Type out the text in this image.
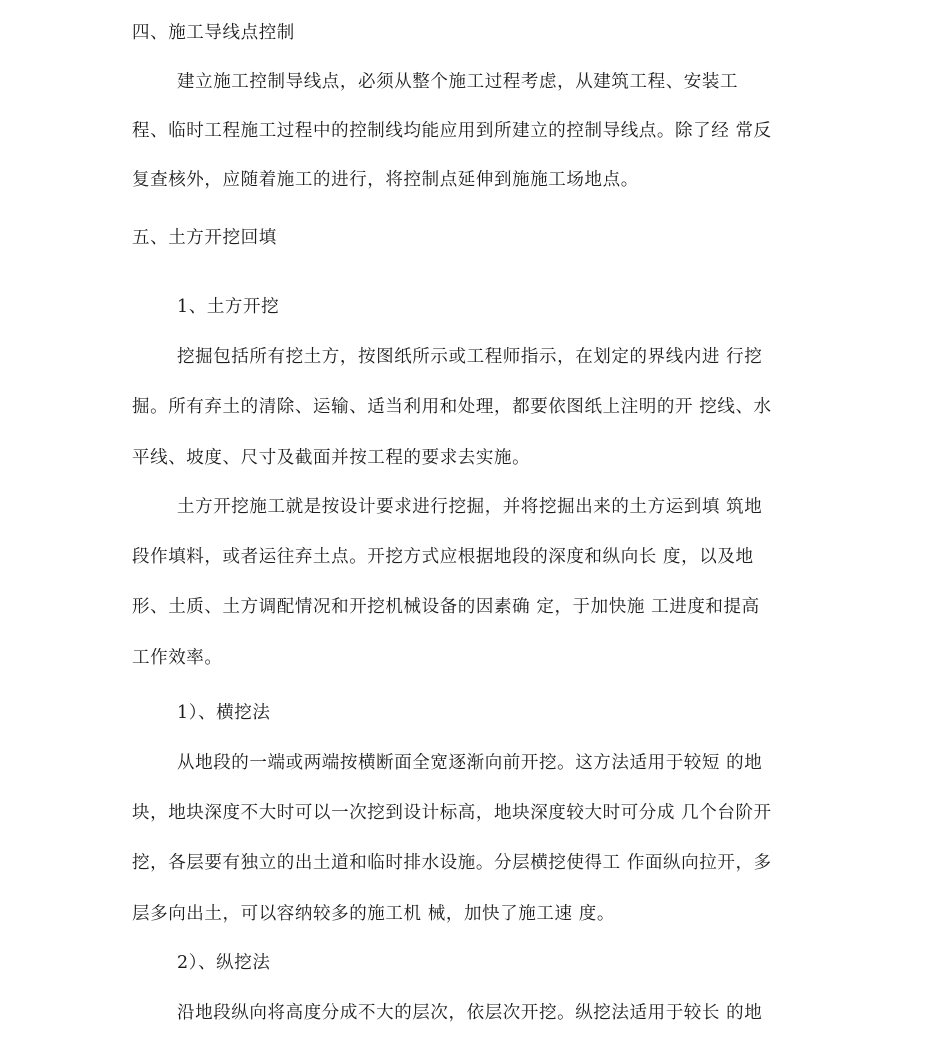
四、施工导线点控制
建立施工控制导线点，必须从整个施工过程考虑，从建筑工程、安装工
程、临时工程施工过程中的控制线均能应用到所建立的控制导线点。除了经 常反
复查核外，应随着施工的进行，将控制点延伸到施施工场地点。
五、土方开挖回填
1、土方开挖
挖掘包括所有挖土方，按图纸所示或工程师指示，在划定的界线内进 行挖
掘。所有弃土的清除、运输、适当利用和处理，都要依图纸上注明的开 挖线、水
平线、坡度、尺寸及截面并按工程的要求去实施。
土方开挖施工就是按设计要求进行挖掘，并将挖掘出来的土方运到填 筑地
段作填料，或者运往弃土点。开挖方式应根据地段的深度和纵向长 度，以及地
形、土质、土方调配情况和开挖机械设备的因素确 定，于加快施 工进度和提高
工作效率。
1）、横挖法
从地段的一端或两端按横断面全宽逐渐向前开挖。这方法适用于较短 的地
块，地块深度不大时可以一次挖到设计标高，地块深度较大时可分成 几个台阶开
挖，各层要有独立的出土道和临时排水设施。分层横挖使得工 作面纵向拉开，多
层多向出土，可以容纳较多的施工机 械，加快了施工速 度。
2）、纵挖法
沿地段纵向将高度分成不大的层次，依层次开挖。纵挖法适用于较长 的地
